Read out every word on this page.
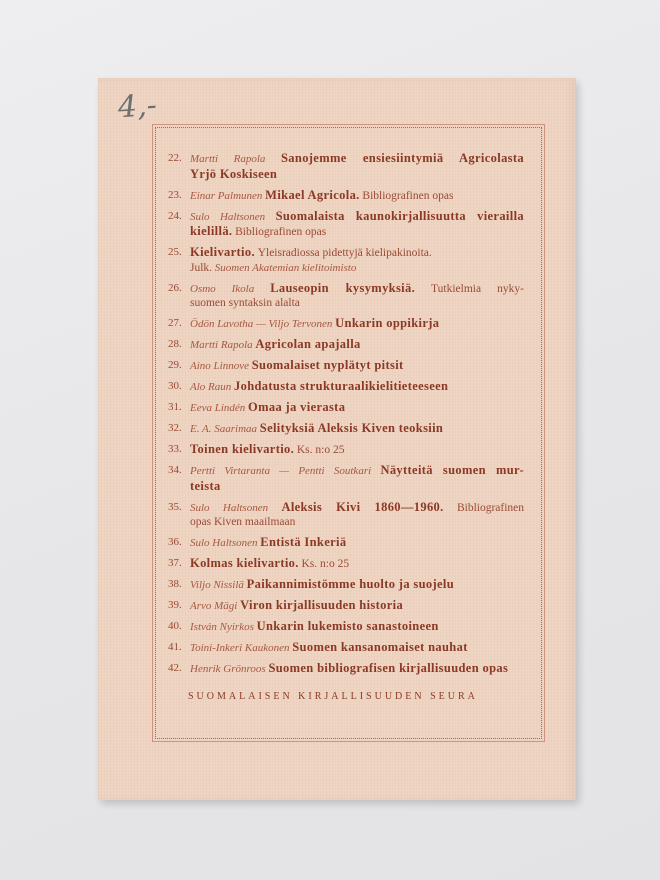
4,-
22. Martti Rapola Sanojemme ensiesiintymiä Agricolasta
Yrjö Koskiseen
23. Einar Palmunen Mikael Agricola. Bibliografinen opas
24. Sulo Haltsonen Suomalaista kaunokirjallisuutta vierailla
kielillä. Bibliografinen opas
25. Kielivartio. Yleisradiossa pidettyjä kielipakinoita.
Julk. Suomen Akatemian kielitoimisto
26. Osmo Ikola Lauseopin kysymyksiä. Tutkielmia nyky-
suomen syntaksin alalta
27. Ödön Lavotha — Viljo Tervonen Unkarin oppikirja
28. Martti Rapola Agricolan apajalla
29. Aino Linnove Suomalaiset nyplätyt pitsit
30. Alo Raun Johdatusta strukturaalikielitieteeseen
31. Eeva Lindén Omaa ja vierasta
32. E. A. Saarimaa Selityksiä Aleksis Kiven teoksiin
33. Toinen kielivartio. Ks. n:o 25
34. Pertti Virtaranta — Pentti Soutkari Näytteitä suomen mur-
teista
35. Sulo Haltsonen Aleksis Kivi 1860—1960. Bibliografinen
opas Kiven maailmaan
36. Sulo Haltsonen Entistä Inkeriä
37. Kolmas kielivartio. Ks. n:o 25
38. Viljo Nissilä Paikannimistömme huolto ja suojelu
39. Arvo Mägi Viron kirjallisuuden historia
40. István Nyirkos Unkarin lukemisto sanastoineen
41. Toini-Inkeri Kaukonen Suomen kansanomaiset nauhat
42. Henrik Grönroos Suomen bibliografisen kirjallisuuden opas
SUOMALAISEN KIRJALLISUUDEN SEURA
